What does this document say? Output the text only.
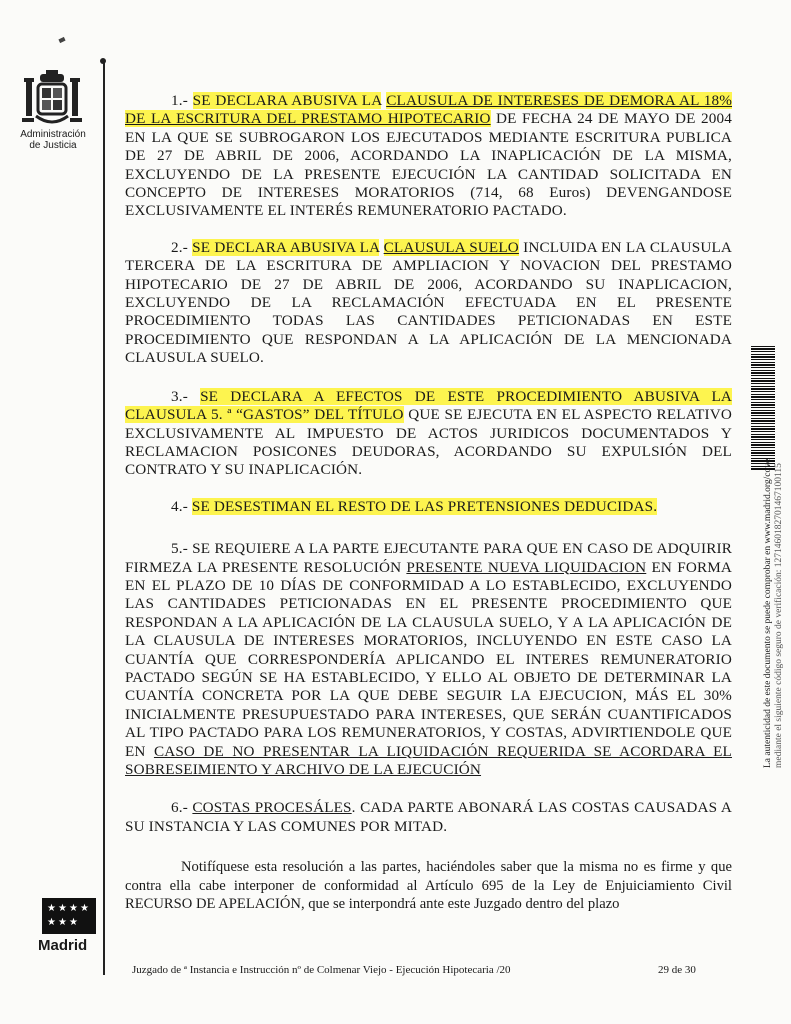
Administración
de Justicia
★ ★ ★ ★
★ ★ ★
Madrid

1.- SE DECLARA ABUSIVA LA CLAUSULA DE INTERESES DE DEMORA AL 18% DE LA ESCRITURA DEL PRESTAMO HIPOTECARIO DE FECHA 24 DE MAYO DE 2004 EN LA QUE SE SUBROGARON LOS EJECUTADOS MEDIANTE ESCRITURA PUBLICA DE 27 DE ABRIL DE 2006, ACORDANDO LA INAPLICACIÓN DE LA MISMA, EXCLUYENDO DE LA PRESENTE EJECUCIÓN LA CANTIDAD SOLICITADA EN CONCEPTO DE INTERESES MORATORIOS (714, 68 Euros) DEVENGANDOSE EXCLUSIVAMENTE EL INTERÉS REMUNERATORIO PACTADO.

2.- SE DECLARA ABUSIVA LA CLAUSULA SUELO INCLUIDA EN LA CLAUSULA TERCERA DE LA ESCRITURA DE AMPLIACION Y NOVACION DEL PRESTAMO HIPOTECARIO DE 27 DE ABRIL DE 2006, ACORDANDO SU INAPLICACION, EXCLUYENDO DE LA RECLAMACIÓN EFECTUADA EN EL PRESENTE PROCEDIMIENTO TODAS LAS CANTIDADES PETICIONADAS EN ESTE PROCEDIMIENTO QUE RESPONDAN A LA APLICACIÓN DE LA MENCIONADA CLAUSULA SUELO.

3.- SE DECLARA A EFECTOS DE ESTE PROCEDIMIENTO ABUSIVA LA CLAUSULA 5. ª “GASTOS” DEL TÍTULO QUE SE EJECUTA EN EL ASPECTO RELATIVO EXCLUSIVAMENTE AL IMPUESTO DE ACTOS JURIDICOS DOCUMENTADOS Y RECLAMACION POSICONES DEUDORAS, ACORDANDO SU EXPULSIÓN DEL CONTRATO Y SU INAPLICACIÓN.

4.- SE DESESTIMAN EL RESTO DE LAS PRETENSIONES DEDUCIDAS.

5.- SE REQUIERE A LA PARTE EJECUTANTE PARA QUE EN CASO DE ADQUIRIR FIRMEZA LA PRESENTE RESOLUCIÓN PRESENTE NUEVA LIQUIDACION EN FORMA EN EL PLAZO DE 10 DÍAS DE CONFORMIDAD A LO ESTABLECIDO, EXCLUYENDO LAS CANTIDADES PETICIONADAS EN EL PRESENTE PROCEDIMIENTO QUE RESPONDAN A LA APLICACIÓN DE LA CLAUSULA SUELO, Y A LA APLICACIÓN DE LA CLAUSULA DE INTERESES MORATORIOS, INCLUYENDO EN ESTE CASO LA CUANTÍA QUE CORRESPONDERÍA APLICANDO EL INTERES REMUNERATORIO PACTADO SEGÚN SE HA ESTABLECIDO, Y ELLO AL OBJETO DE DETERMINAR LA CUANTÍA CONCRETA POR LA QUE DEBE SEGUIR LA EJECUCION, MÁS EL 30% INICIALMENTE PRESUPUESTADO PARA INTERESES, QUE SERÁN CUANTIFICADOS AL TIPO PACTADO PARA LOS REMUNERATORIOS, Y COSTAS, ADVIRTIENDOLE QUE EN CASO DE NO PRESENTAR LA LIQUIDACIÓN REQUERIDA SE ACORDARA EL SOBRESEIMIENTO Y ARCHIVO DE LA EJECUCIÓN

6.- COSTAS PROCESÁLES. CADA PARTE ABONARÁ LAS COSTAS CAUSADAS A SU INSTANCIA Y LAS COMUNES POR MITAD.

Notifíquese esta resolución a las partes, haciéndoles saber que la misma no es firme y que contra ella cabe interponer de conformidad al Artículo 695 de la Ley de Enjuiciamiento Civil RECURSO DE APELACIÓN, que se interpondrá ante este Juzgado dentro del plazo

La autenticidad de este documento se puede comprobar en www.madrid.org/cove mediante el siguiente código seguro de verificación: 1271460182701467100115
Juzgado de ª Instancia e Instrucción nº de Colmenar Viejo - Ejecución Hipotecaria /20	29 de 30
